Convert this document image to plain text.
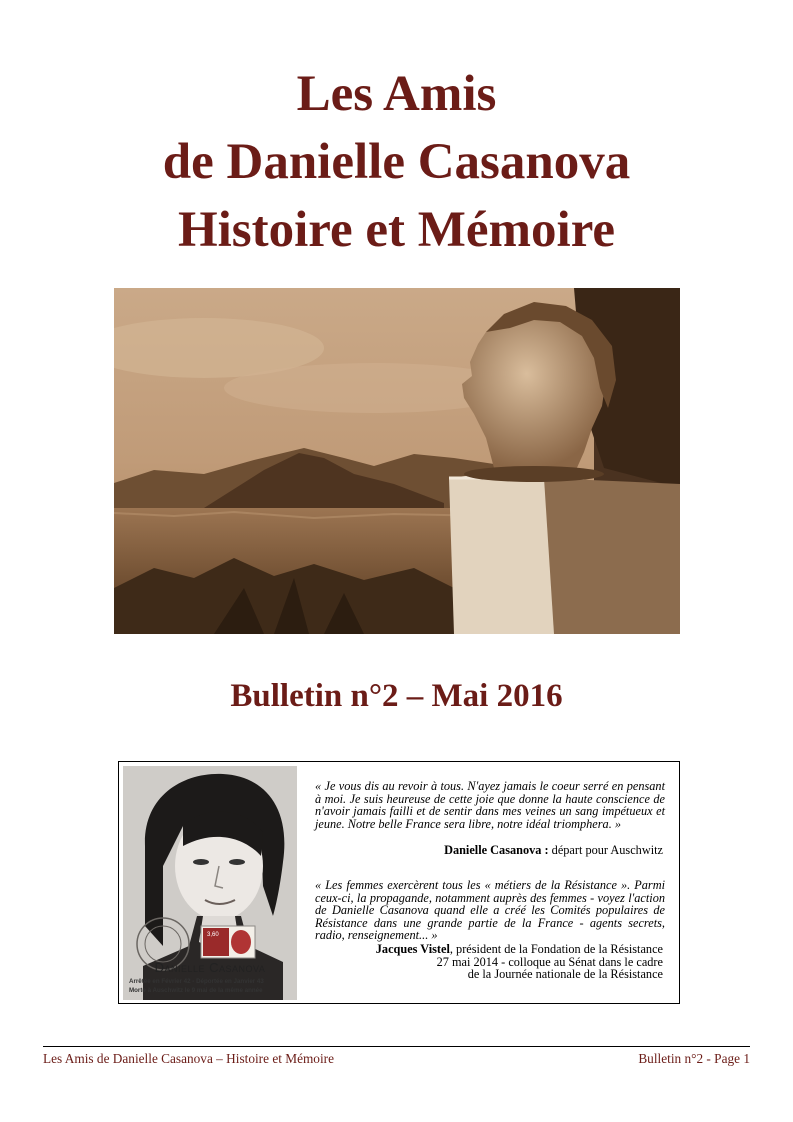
Les Amis
de Danielle Casanova
Histoire et Mémoire
Bulletin n°2 – Mai 2016
3,60
Danielle Casanova
Arrêtée en Février 42 - Déportée en Janvier 43
Morte à Auschwitz le 9 mai de la même année
« Je vous dis au revoir à tous. N'ayez jamais le coeur serré en pensant à moi. Je suis heureuse de cette joie que donne la haute conscience de n'avoir jamais failli et de sentir dans mes veines un sang impétueux et jeune. Notre belle France sera libre, notre idéal triomphera. »
Danielle Casanova : départ pour Auschwitz
« Les femmes exercèrent tous les « métiers de la Résistance ». Parmi ceux-ci, la propagande, notamment auprès des femmes - voyez l'action de Danielle Casanova quand elle a créé les Comités populaires de Résistance dans une grande partie de la France - agents secrets, radio, renseignement... »
Jacques Vistel, président de la Fondation de la Résistance
27 mai 2014 - colloque au Sénat dans le cadre
de la Journée nationale de la Résistance
Les Amis de Danielle Casanova – Histoire et Mémoire	Bulletin n°2 - Page 1
